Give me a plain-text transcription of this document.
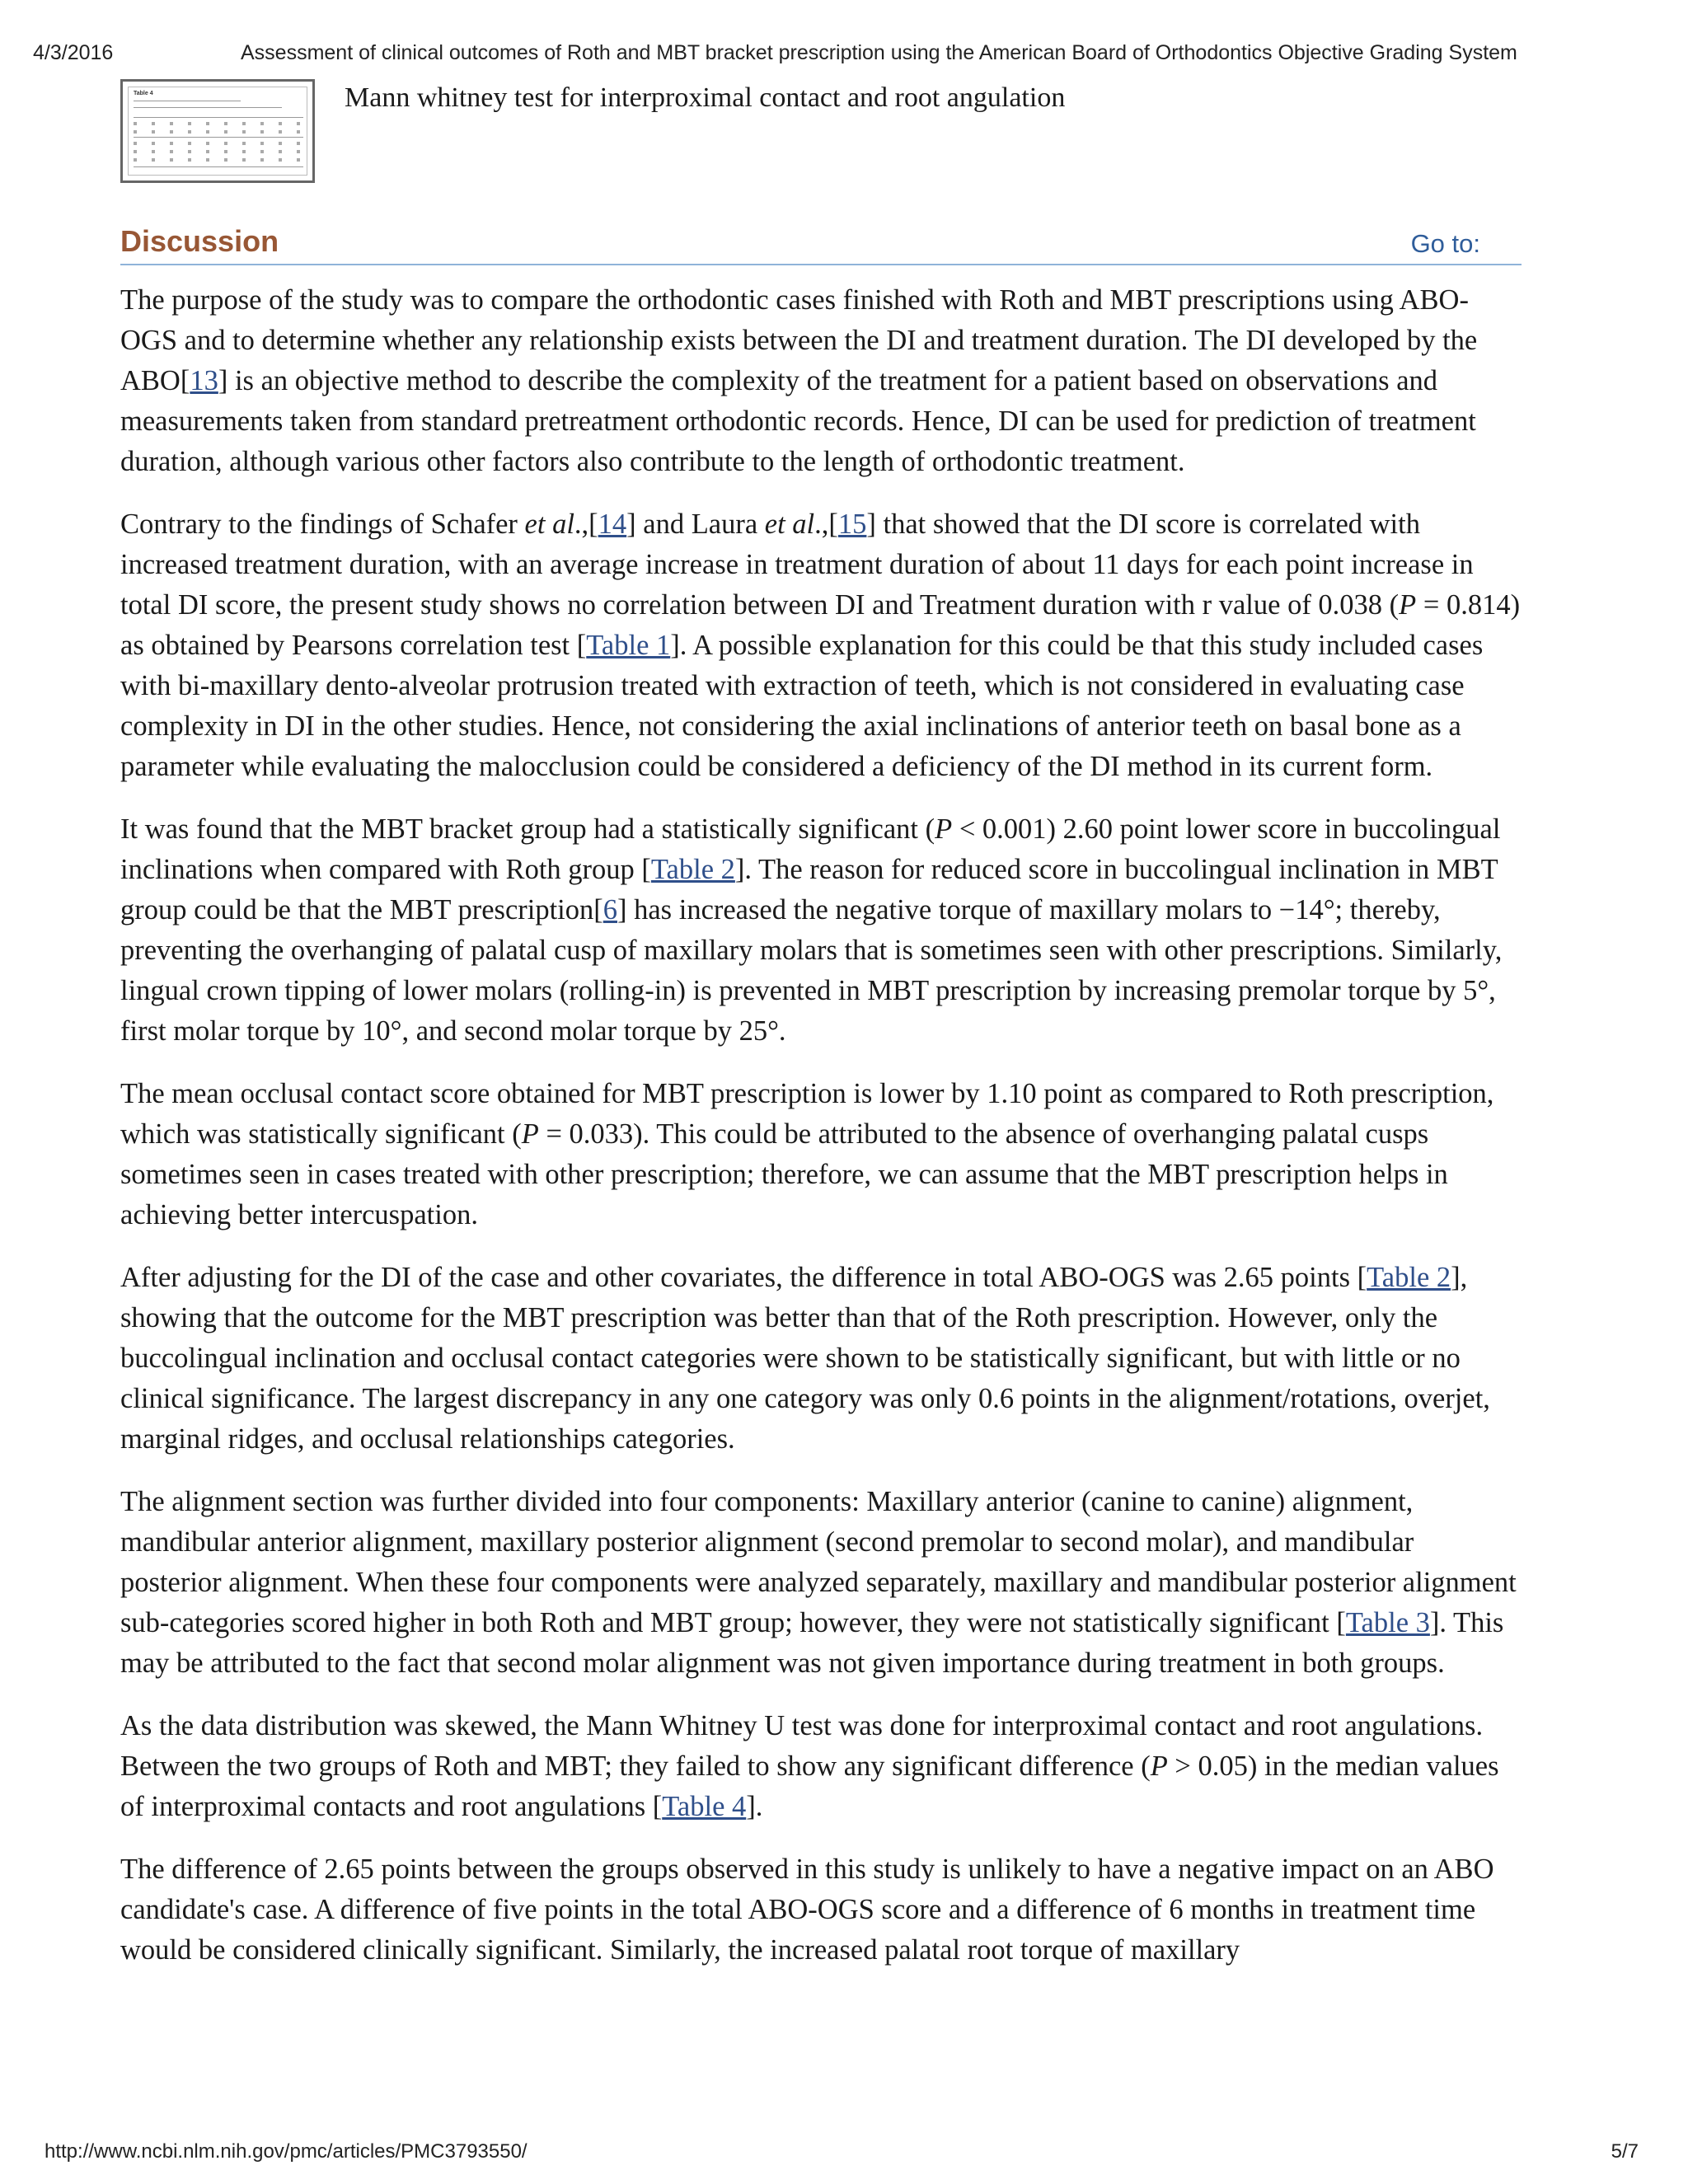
4/3/2016	Assessment of clinical outcomes of Roth and MBT bracket prescription using the American Board of Orthodontics Objective Grading System
Table 4	Mann whitney test for interproximal contact and root angulation
Discussion	Go to:

The purpose of the study was to compare the orthodontic cases finished with Roth and MBT prescriptions using ABO-OGS and to determine whether any relationship exists between the DI and treatment duration. The DI developed by the ABO[13] is an objective method to describe the complexity of the treatment for a patient based on observations and measurements taken from standard pretreatment orthodontic records. Hence, DI can be used for prediction of treatment duration, although various other factors also contribute to the length of orthodontic treatment.

Contrary to the findings of Schafer et al.,[14] and Laura et al.,[15] that showed that the DI score is correlated with increased treatment duration, with an average increase in treatment duration of about 11 days for each point increase in total DI score, the present study shows no correlation between DI and Treatment duration with r value of 0.038 (P = 0.814) as obtained by Pearsons correlation test [Table 1]. A possible explanation for this could be that this study included cases with bi-maxillary dento-alveolar protrusion treated with extraction of teeth, which is not considered in evaluating case complexity in DI in the other studies. Hence, not considering the axial inclinations of anterior teeth on basal bone as a parameter while evaluating the malocclusion could be considered a deficiency of the DI method in its current form.

It was found that the MBT bracket group had a statistically significant (P < 0.001) 2.60 point lower score in buccolingual inclinations when compared with Roth group [Table 2]. The reason for reduced score in buccolingual inclination in MBT group could be that the MBT prescription[6] has increased the negative torque of maxillary molars to −14°; thereby, preventing the overhanging of palatal cusp of maxillary molars that is sometimes seen with other prescriptions. Similarly, lingual crown tipping of lower molars (rolling-in) is prevented in MBT prescription by increasing premolar torque by 5°, first molar torque by 10°, and second molar torque by 25°.

The mean occlusal contact score obtained for MBT prescription is lower by 1.10 point as compared to Roth prescription, which was statistically significant (P = 0.033). This could be attributed to the absence of overhanging palatal cusps sometimes seen in cases treated with other prescription; therefore, we can assume that the MBT prescription helps in achieving better intercuspation.

After adjusting for the DI of the case and other covariates, the difference in total ABO-OGS was 2.65 points [Table 2], showing that the outcome for the MBT prescription was better than that of the Roth prescription. However, only the buccolingual inclination and occlusal contact categories were shown to be statistically significant, but with little or no clinical significance. The largest discrepancy in any one category was only 0.6 points in the alignment/rotations, overjet, marginal ridges, and occlusal relationships categories.

The alignment section was further divided into four components: Maxillary anterior (canine to canine) alignment, mandibular anterior alignment, maxillary posterior alignment (second premolar to second molar), and mandibular posterior alignment. When these four components were analyzed separately, maxillary and mandibular posterior alignment sub-categories scored higher in both Roth and MBT group; however, they were not statistically significant [Table 3]. This may be attributed to the fact that second molar alignment was not given importance during treatment in both groups.

As the data distribution was skewed, the Mann Whitney U test was done for interproximal contact and root angulations. Between the two groups of Roth and MBT; they failed to show any significant difference (P > 0.05) in the median values of interproximal contacts and root angulations [Table 4].

The difference of 2.65 points between the groups observed in this study is unlikely to have a negative impact on an ABO candidate's case. A difference of five points in the total ABO-OGS score and a difference of 6 months in treatment time would be considered clinically significant. Similarly, the increased palatal root torque of maxillary

http://www.ncbi.nlm.nih.gov/pmc/articles/PMC3793550/	5/7
